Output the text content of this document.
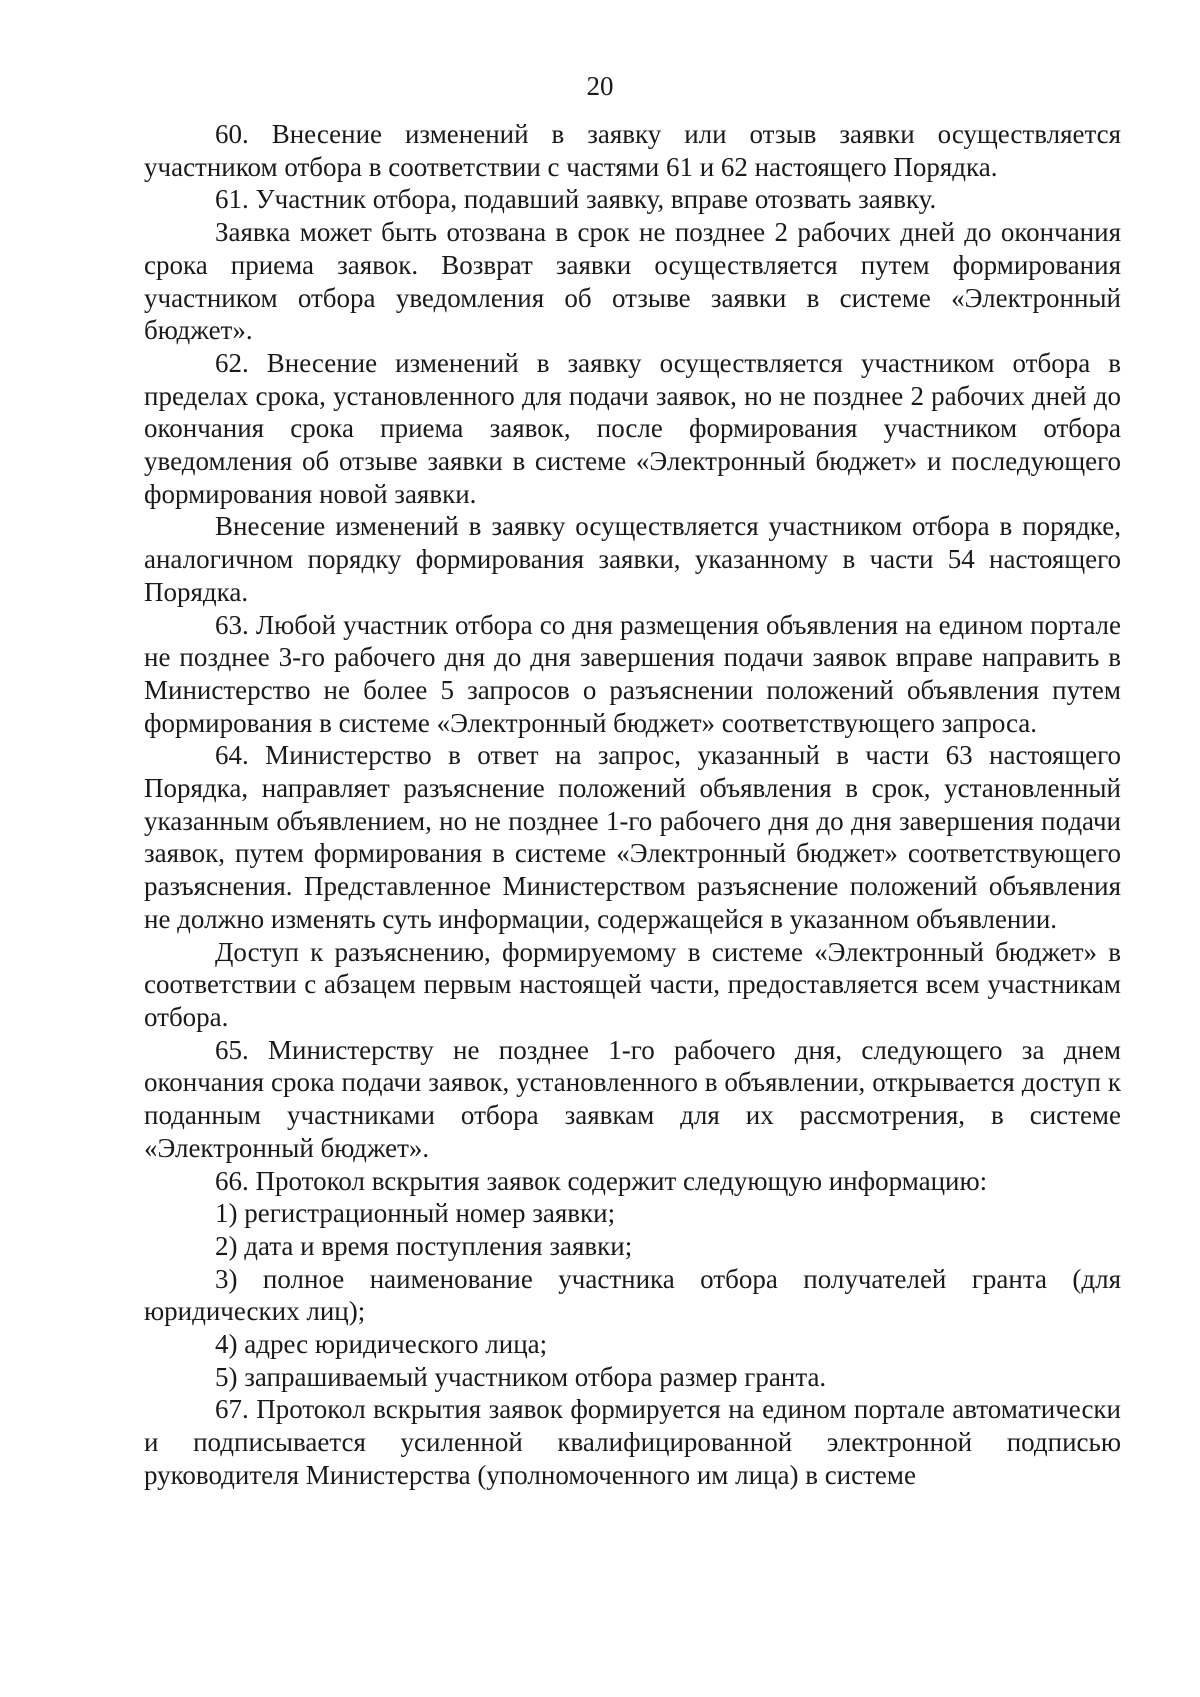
20

60. Внесение изменений в заявку или отзыв заявки осуществляется участником отбора в соответствии с частями 61 и 62 настоящего Порядка.

61. Участник отбора, подавший заявку, вправе отозвать заявку.

Заявка может быть отозвана в срок не позднее 2 рабочих дней до окончания срока приема заявок. Возврат заявки осуществляется путем формирования участником отбора уведомления об отзыве заявки в системе «Электронный бюджет».

62. Внесение изменений в заявку осуществляется участником отбора в пределах срока, установленного для подачи заявок, но не позднее 2 рабочих дней до окончания срока приема заявок, после формирования участником отбора уведомления об отзыве заявки в системе «Электронный бюджет» и последующего формирования новой заявки.

Внесение изменений в заявку осуществляется участником отбора в порядке, аналогичном порядку формирования заявки, указанному в части 54 настоящего Порядка.

63. Любой участник отбора со дня размещения объявления на едином портале не позднее 3-го рабочего дня до дня завершения подачи заявок вправе направить в Министерство не более 5 запросов о разъяснении положений объявления путем формирования в системе «Электронный бюджет» соответствующего запроса.

64. Министерство в ответ на запрос, указанный в части 63 настоящего Порядка, направляет разъяснение положений объявления в срок, установленный указанным объявлением, но не позднее 1-го рабочего дня до дня завершения подачи заявок, путем формирования в системе «Электронный бюджет» соответствующего разъяснения. Представленное Министерством разъяснение положений объявления не должно изменять суть информации, содержащейся в указанном объявлении.

Доступ к разъяснению, формируемому в системе «Электронный бюджет» в соответствии с абзацем первым настоящей части, предоставляется всем участникам отбора.

65. Министерству не позднее 1-го рабочего дня, следующего за днем окончания срока подачи заявок, установленного в объявлении, открывается доступ к поданным участниками отбора заявкам для их рассмотрения, в системе «Электронный бюджет».

66. Протокол вскрытия заявок содержит следующую информацию:

1) регистрационный номер заявки;

2) дата и время поступления заявки;

3) полное наименование участника отбора получателей гранта (для юридических лиц);

4) адрес юридического лица;

5) запрашиваемый участником отбора размер гранта.

67. Протокол вскрытия заявок формируется на едином портале автоматически и подписывается усиленной квалифицированной электронной подписью руководителя Министерства (уполномоченного им лица) в системе
